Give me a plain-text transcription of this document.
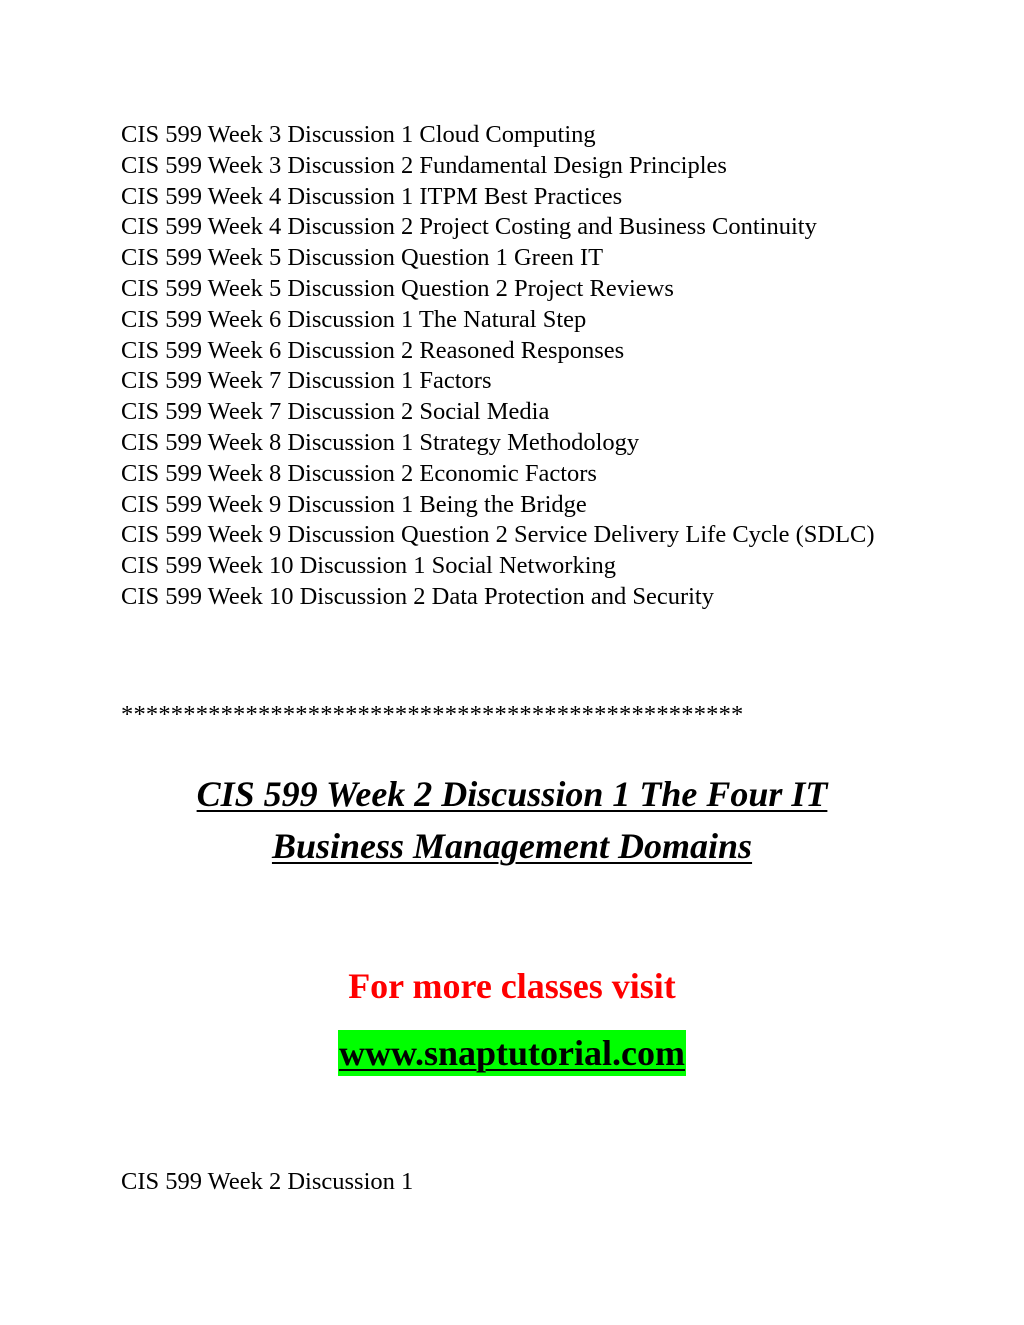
CIS 599 Week 3 Discussion 1 Cloud Computing
CIS 599 Week 3 Discussion 2 Fundamental Design Principles
CIS 599 Week 4 Discussion 1 ITPM Best Practices
CIS 599 Week 4 Discussion 2 Project Costing and Business Continuity
CIS 599 Week 5 Discussion Question 1 Green IT
CIS 599 Week 5 Discussion Question 2 Project Reviews
CIS 599 Week 6 Discussion 1 The Natural Step
CIS 599 Week 6 Discussion 2 Reasoned Responses
CIS 599 Week 7 Discussion 1 Factors
CIS 599 Week 7 Discussion 2 Social Media
CIS 599 Week 8 Discussion 1 Strategy Methodology
CIS 599 Week 8 Discussion 2 Economic Factors
CIS 599 Week 9 Discussion 1 Being the Bridge
CIS 599 Week 9 Discussion Question 2 Service Delivery Life Cycle (SDLC)
CIS 599 Week 10 Discussion 1 Social Networking
CIS 599 Week 10 Discussion 2 Data Protection and Security
**************************************************
CIS 599 Week 2 Discussion 1 The Four IT
Business Management Domains

For more classes visit

www.snaptutorial.com

CIS 599 Week 2 Discussion 1
